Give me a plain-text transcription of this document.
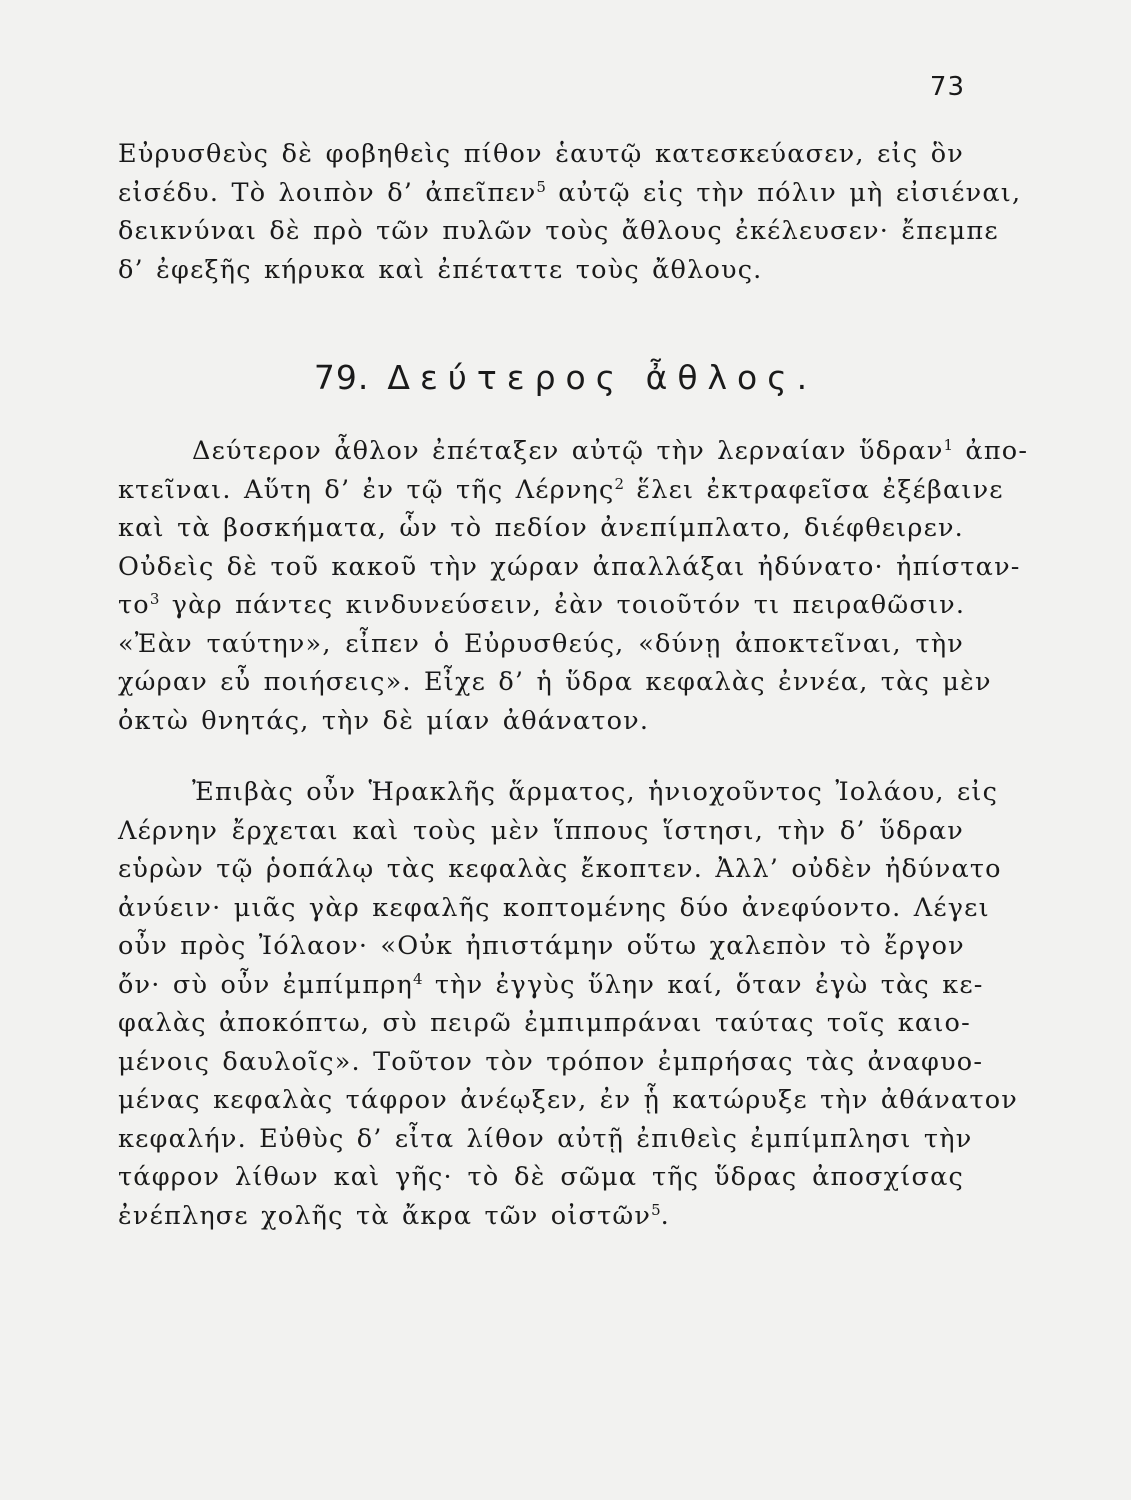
73
Εὐρυσθεὺς δὲ φοβηθεὶς πίθον ἑαυτῷ κατεσκεύασεν, εἰς ὃν
εἰσέδυ. Τὸ λοιπὸν δ’ ἀπεῖπεν$^5$ αὐτῷ εἰς τὴν πόλιν μὴ εἰσιέναι,
δεικνύναι δὲ πρὸ τῶν πυλῶν τοὺς ἄθλους ἐκέλευσεν· ἔπεμπε
δ’ ἐφεξῆς κήρυκα καὶ ἐπέταττε τοὺς ἄθλους.
79. Δεύτερος ἆθλος.
Δεύτερον ἆθλον ἐπέταξεν αὐτῷ τὴν λερναίαν ὕδραν$^1$ ἀπο-
κτεῖναι. Αὕτη δ’ ἐν τῷ τῆς Λέρνης$^2$ ἕλει ἐκτραφεῖσα ἐξέβαινε
καὶ τὰ βοσκήματα, ὧν τὸ πεδίον ἀνεπίμπλατο, διέφθειρεν.
Οὐδεὶς δὲ τοῦ κακοῦ τὴν χώραν ἀπαλλάξαι ἠδύνατο· ἠπίσταν-
$\tau o^3$ γὰρ πάντες κινδυνεύσειν, ἐὰν τοιοῦτόν τι πειραθῶσιν.
«Ἐὰν ταύτην», εἶπεν ὁ Εὐρυσθεύς, «δύνῃ ἀποκτεῖναι, τὴν
χώραν εὖ ποιήσεις». Εἶχε δ’ ἡ ὕδρα κεφαλὰς ἐννέα, τὰς μὲν
ὀκτὼ θνητάς, τὴν δὲ μίαν ἀθάνατον.
Ἐπιβὰς οὖν Ἡρακλῆς ἅρματος, ἡνιοχοῦντος Ἰολάου, εἰς
Λέρνην ἔρχεται καὶ τοὺς μὲν ἵππους ἵστησι, τὴν δ’ ὕδραν
εὑρὼν τῷ ῥοπάλῳ τὰς κεφαλὰς ἔκοπτεν. Ἀλλ’ οὐδὲν ἠδύνατο
ἀνύειν· μιᾶς γὰρ κεφαλῆς κοπτομένης δύο ἀνεφύοντο. Λέγει
οὖν πρὸς Ἰόλαον· «Οὐκ ἠπιστάμην οὕτω χαλεπὸν τὸ ἔργον
ὄν· σὺ οὖν ἐμπίμπρη$^4$ τὴν ἐγγὺς ὕλην καί, ὅταν ἐγὼ τὰς κε-
φαλὰς ἀποκόπτω, σὺ πειρῶ ἐμπιμπράναι ταύτας τοῖς καιο-
μένοις δαυλοῖς». Τοῦτον τὸν τρόπον ἐμπρήσας τὰς ἀναφυο-
μένας κεφαλὰς τάφρον ἀνέῳξεν, ἐν ᾗ κατώρυξε τὴν ἀθάνατον
κεφαλήν. Εὐθὺς δ’ εἶτα λίθον αὐτῇ ἐπιθεὶς ἐμπίμπλησι τὴν
τάφρον λίθων καὶ γῆς· τὸ δὲ σῶμα τῆς ὕδρας ἀποσχίσας
ἐνέπλησε χολῆς τὰ ἄκρα τῶν οἰστῶν$^5$.
